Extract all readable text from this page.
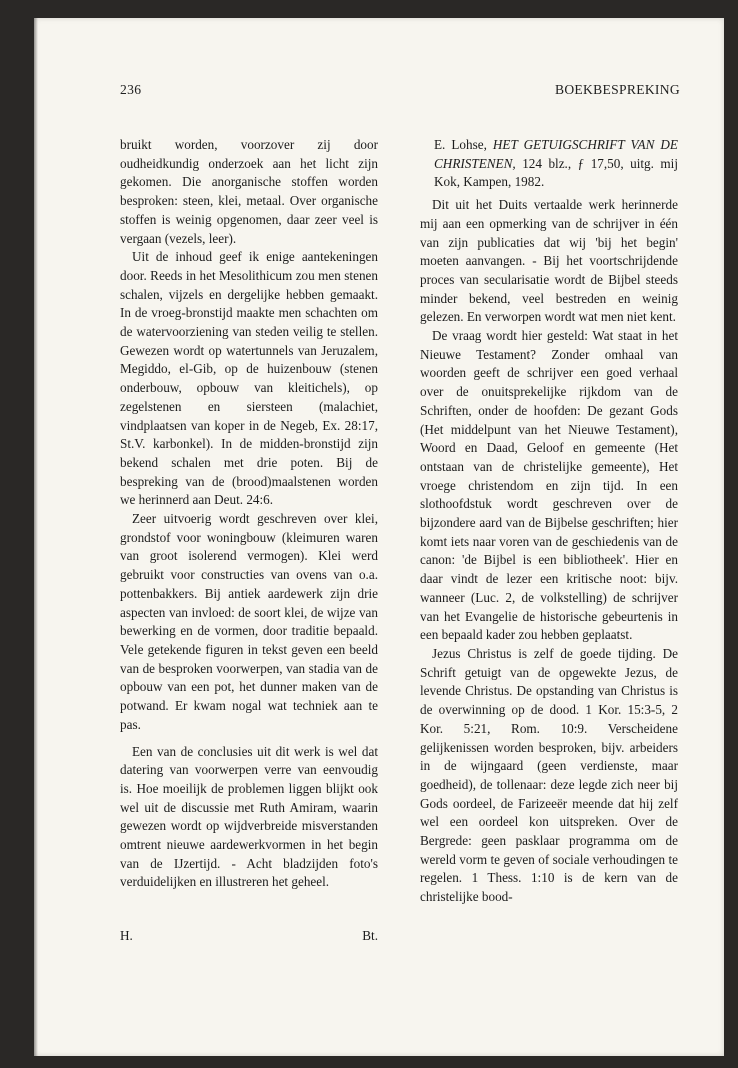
236	BOEKBESPREKING

bruikt worden, voorzover zij door oudheidkundig onderzoek aan het licht zijn gekomen. Die anorganische stoffen worden besproken: steen, klei, metaal. Over organische stoffen is weinig opgenomen, daar zeer veel is vergaan (vezels, leer).

Uit de inhoud geef ik enige aantekeningen door. Reeds in het Mesolithicum zou men stenen schalen, vijzels en dergelijke hebben gemaakt. In de vroeg-bronstijd maakte men schachten om de watervoorziening van steden veilig te stellen. Gewezen wordt op watertunnels van Jeruzalem, Megiddo, el-Gib, op de huizenbouw (stenen onderbouw, opbouw van kleitichels), op zegelstenen en siersteen (malachiet, vindplaatsen van koper in de Negeb, Ex. 28:17, St.V. karbonkel). In de midden-bronstijd zijn bekend schalen met drie poten. Bij de bespreking van de (brood)maalstenen worden we herinnerd aan Deut. 24:6.

Zeer uitvoerig wordt geschreven over klei, grondstof voor woningbouw (kleimuren waren van groot isolerend vermogen). Klei werd gebruikt voor constructies van ovens van o.a. pottenbakkers. Bij antiek aardewerk zijn drie aspecten van invloed: de soort klei, de wijze van bewerking en de vormen, door traditie bepaald. Vele getekende figuren in tekst geven een beeld van de besproken voorwerpen, van stadia van de opbouw van een pot, het dunner maken van de potwand. Er kwam nogal wat techniek aan te pas.

Een van de conclusies uit dit werk is wel dat datering van voorwerpen verre van eenvoudig is. Hoe moeilijk de problemen liggen blijkt ook wel uit de discussie met Ruth Amiram, waarin gewezen wordt op wijdverbreide misverstanden omtrent nieuwe aardewerkvormen in het begin van de IJzertijd. - Acht bladzijden foto's verduidelijken en illustreren het geheel.

H.	Bt.
E. Lohse, HET GETUIGSCHRIFT VAN DE CHRISTENEN, 124 blz., ƒ 17,50, uitg. mij Kok, Kampen, 1982.

Dit uit het Duits vertaalde werk herinnerde mij aan een opmerking van de schrijver in één van zijn publicaties dat wij 'bij het begin' moeten aanvangen. - Bij het voortschrijdende proces van secularisatie wordt de Bijbel steeds minder bekend, veel bestreden en weinig gelezen. En verworpen wordt wat men niet kent.

De vraag wordt hier gesteld: Wat staat in het Nieuwe Testament? Zonder omhaal van woorden geeft de schrijver een goed verhaal over de onuitsprekelijke rijkdom van de Schriften, onder de hoofden: De gezant Gods (Het middelpunt van het Nieuwe Testament), Woord en Daad, Geloof en gemeente (Het ontstaan van de christelijke gemeente), Het vroege christendom en zijn tijd. In een slothoofdstuk wordt geschreven over de bijzondere aard van de Bijbelse geschriften; hier komt iets naar voren van de geschiedenis van de canon: 'de Bijbel is een bibliotheek'. Hier en daar vindt de lezer een kritische noot: bijv. wanneer (Luc. 2, de volkstelling) de schrijver van het Evangelie de historische gebeurtenis in een bepaald kader zou hebben geplaatst.

Jezus Christus is zelf de goede tijding. De Schrift getuigt van de opgewekte Jezus, de levende Christus. De opstanding van Christus is de overwinning op de dood. 1 Kor. 15:3-5, 2 Kor. 5:21, Rom. 10:9. Verscheidene gelijkenissen worden besproken, bijv. arbeiders in de wijngaard (geen verdienste, maar goedheid), de tollenaar: deze legde zich neer bij Gods oordeel, de Farizeeër meende dat hij zelf wel een oordeel kon uitspreken. Over de Bergrede: geen pasklaar programma om de wereld vorm te geven of sociale verhoudingen te regelen. 1 Thess. 1:10 is de kern van de christelijke bood-
